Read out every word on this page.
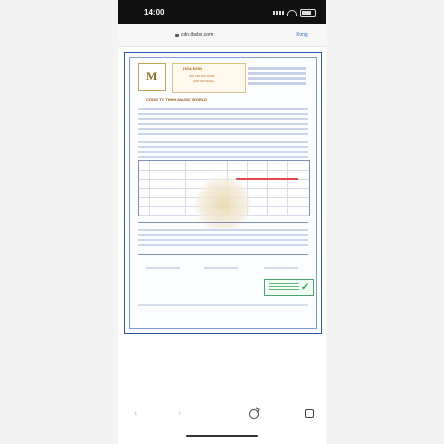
14:00
cdn.tbsbx.com	Xong
M
HÓA ĐƠN
GIÁ TRỊ GIA TĂNG
(VAT INVOICE)
CÔNG TY TNHH MAGIC WORLD
✓
‹	›
